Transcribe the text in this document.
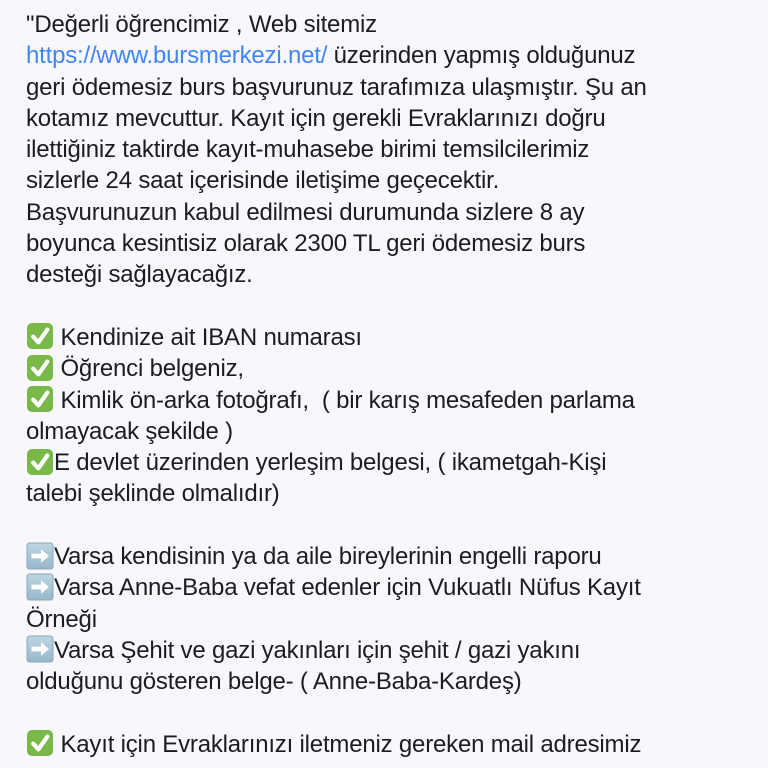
"Değerli öğrencimiz , Web sitemiz
https://www.bursmerkezi.net/ üzerinden yapmış olduğunuz
geri ödemesiz burs başvurunuz tarafımıza ulaşmıştır. Şu an
kotamız mevcuttur. Kayıt için gerekli Evraklarınızı doğru
ilettiğiniz taktirde kayıt-muhasebe birimi temsilcilerimiz
sizlerle 24 saat içerisinde iletişime geçecektir.
Başvurunuzun kabul edilmesi durumunda sizlere 8 ay
boyunca kesintisiz olarak 2300 TL geri ödemesiz burs
desteği sağlayacağız.
Kendinize ait IBAN numarası
Öğrenci belgeniz,
Kimlik ön-arka fotoğrafı,  ( bir karış mesafeden parlama
olmayacak şekilde )
E devlet üzerinden yerleşim belgesi, ( ikametgah-Kişi
talebi şeklinde olmalıdır)
Varsa kendisinin ya da aile bireylerinin engelli raporu
Varsa Anne-Baba vefat edenler için Vukuatlı Nüfus Kayıt
Örneği
Varsa Şehit ve gazi yakınları için şehit / gazi yakını
olduğunu gösteren belge- ( Anne-Baba-Kardeş)
Kayıt için Evraklarınızı iletmeniz gereken mail adresimiz
